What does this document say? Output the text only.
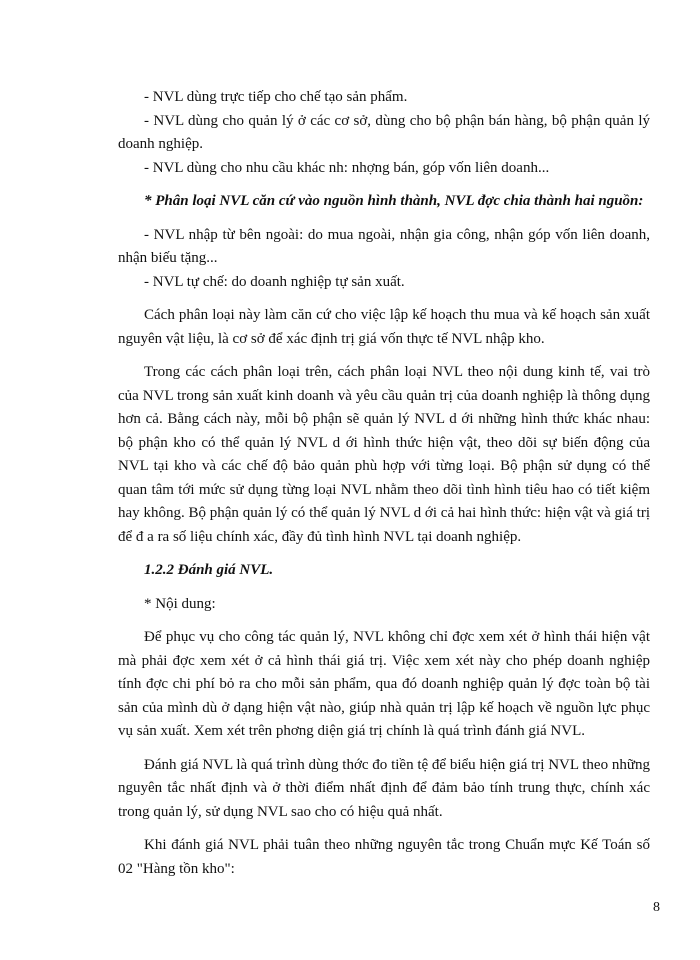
- NVL dùng trực tiếp cho chế tạo sản phẩm.

- NVL dùng cho quản lý ở các cơ sở, dùng cho bộ phận bán hàng, bộ phận quản lý doanh nghiệp.

- NVL dùng cho nhu cầu khác nh: nhợng bán, góp vốn liên doanh...

* Phân loại NVL căn cứ vào nguồn hình thành, NVL đợc chia thành hai nguồn:

- NVL nhập từ bên ngoài: do mua ngoài, nhận gia công, nhận góp vốn liên doanh, nhận biếu tặng...

- NVL tự chế: do doanh nghiệp tự sản xuất.

Cách phân loại này làm căn cứ cho việc lập kế hoạch thu mua và kế hoạch sản xuất nguyên vật liệu, là cơ sở để xác định trị giá vốn thực tế NVL nhập kho.

Trong các cách phân loại trên, cách phân loại NVL theo nội dung kinh tế, vai trò của NVL trong sản xuất kinh doanh và yêu cầu quản trị của doanh nghiệp là thông dụng hơn cả. Bằng cách này, mỗi bộ phận sẽ quản lý NVL d ới những hình thức khác nhau: bộ phận kho có thể quản lý NVL d ới hình thức hiện vật, theo dõi sự biến động của NVL tại kho và các chế độ bảo quản phù hợp với từng loại. Bộ phận sử dụng có thể quan tâm tới mức sử dụng từng loại NVL nhằm theo dõi tình hình tiêu hao có tiết kiệm hay không. Bộ phận quản lý có thể quản lý NVL d ới cả hai hình thức: hiện vật và giá trị để đ a ra số liệu chính xác, đầy đủ tình hình NVL tại doanh nghiệp.

1.2.2 Đánh giá NVL.

* Nội dung:

Để phục vụ cho công tác quản lý, NVL không chỉ đợc xem xét ở hình thái hiện vật mà phải đợc xem xét ở cả hình thái giá trị. Việc xem xét này cho phép doanh nghiệp tính đợc chi phí bỏ ra cho mỗi sản phẩm, qua đó doanh nghiệp quản lý đợc toàn bộ tài sản của mình dù ở dạng hiện vật nào, giúp nhà quản trị lập kế hoạch về nguồn lực phục vụ sản xuất. Xem xét trên phơng diện giá trị chính là quá trình đánh giá NVL.

Đánh giá NVL là quá trình dùng thớc đo tiền tệ để biểu hiện giá trị NVL theo những nguyên tắc nhất định và ở thời điểm nhất định để đảm bảo tính trung thực, chính xác trong quản lý, sử dụng NVL sao cho có hiệu quả nhất.

Khi đánh giá NVL phải tuân theo những nguyên tắc trong Chuẩn mực Kế Toán số 02 "Hàng tồn kho":

8
